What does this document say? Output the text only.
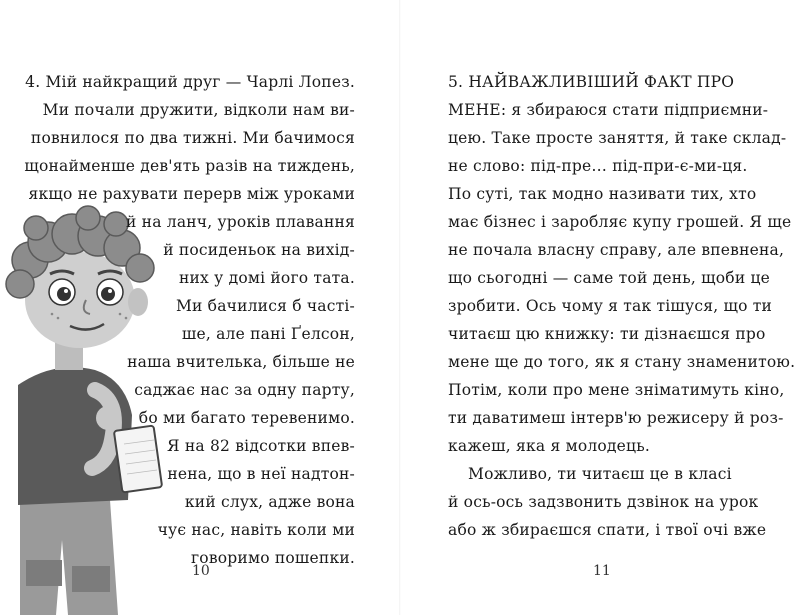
4. Мій найкращий друг — Чарлі Лопез.
Ми почали дружити, відколи нам ви-
повнилося по два тижні. Ми бачимося
щонайменше дев'ять разів на тиждень,
якщо не рахувати перерв між уроками
й на ланч, уроків плавання
й посиденьок на вихід-
них у домі його тата.
Ми бачилися б часті-
ше, але пані Ґелсон,
наша вчителька, більше не
саджає нас за одну парту,
бо ми багато теревенимо.
Я на 82 відсотки впев-
нена, що в неї надтон-
кий слух, адже вона
чує нас, навіть коли ми
говоримо пошепки.
10
5. НАЙВАЖЛИВІШИЙ ФАКТ ПРО
МЕНЕ: я збираюся стати підприємни-
цею. Таке просте заняття, й таке склад-
не слово: під-пре… під-при-є-ми-ця.
По суті, так модно називати тих, хто
має бізнес і заробляє купу грошей. Я ще
не почала власну справу, але впевнена,
що сьогодні — саме той день, щоби це
зробити. Ось чому я так тішуся, що ти
читаєш цю книжку: ти дізнаєшся про
мене ще до того, як я стану знаменитою.
Потім, коли про мене зніматимуть кіно,
ти даватимеш інтерв'ю режисеру й роз-
кажеш, яка я молодець.
Можливо, ти читаєш це в класі
й ось-ось задзвонить дзвінок на урок
або ж збираєшся спати, і твої очі вже
11
